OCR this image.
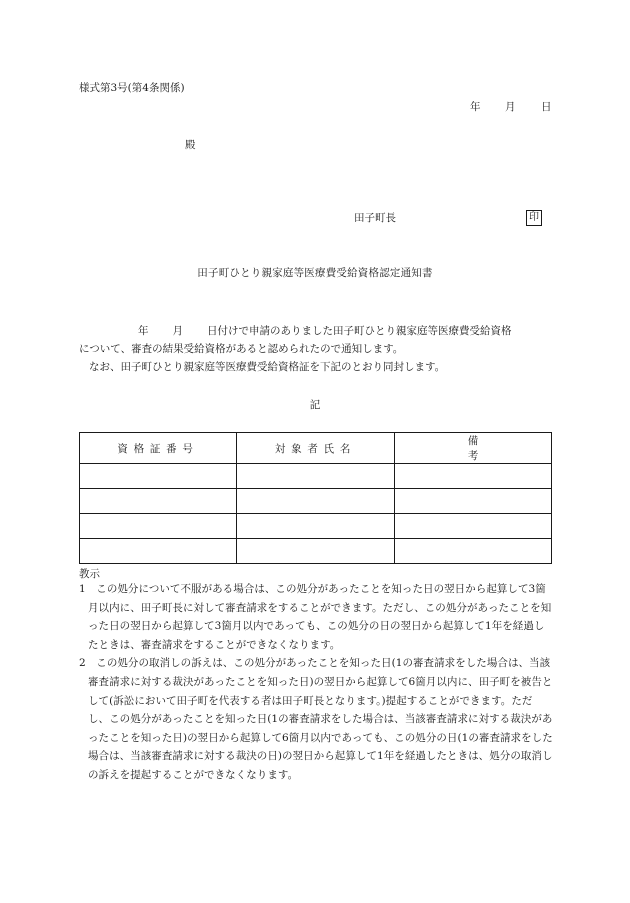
様式第3号(第4条関係)
年 月 日
殿
田子町長	印
田子町ひとり親家庭等医療費受給資格認定通知書

年 月 日付けで申請のありました田子町ひとり親家庭等医療費受給資格

について、審査の結果受給資格があると認められたので通知します。

なお、田子町ひとり親家庭等医療費受給資格証を下記のとおり同封します。

記
資格証番号	対象者氏名	備考

教示

1　この処分について不服がある場合は、この処分があったことを知った日の翌日から起算して3箇月以内に、田子町長に対して審査請求をすることができます。ただし、この処分があったことを知った日の翌日から起算して3箇月以内であっても、この処分の日の翌日から起算して1年を経過したときは、審査請求をすることができなくなります。

2　この処分の取消しの訴えは、この処分があったことを知った日(1の審査請求をした場合は、当該審査請求に対する裁決があったことを知った日)の翌日から起算して6箇月以内に、田子町を被告として(訴訟において田子町を代表する者は田子町長となります。)提起することができます。ただし、この処分があったことを知った日(1の審査請求をした場合は、当該審査請求に対する裁決があったことを知った日)の翌日から起算して6箇月以内であっても、この処分の日(1の審査請求をした場合は、当該審査請求に対する裁決の日)の翌日から起算して1年を経過したときは、処分の取消しの訴えを提起することができなくなります。
